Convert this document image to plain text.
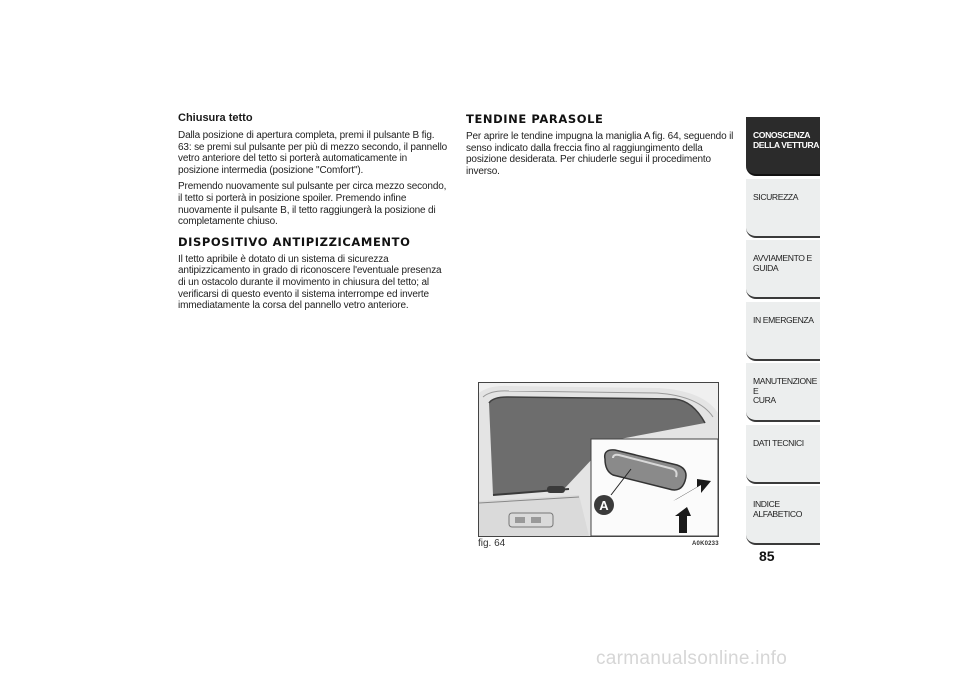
Chiusura tetto

Dalla posizione di apertura completa, premi il pulsante B fig. 63: se premi sul pulsante per più di mezzo secondo, il pannello vetro anteriore del tetto si porterà automaticamente in posizione intermedia (posizione "Comfort").

Premendo nuovamente sul pulsante per circa mezzo secondo, il tetto si porterà in posizione spoiler. Premendo infine nuovamente il pulsante B, il tetto raggiungerà la posizione di completamente chiuso.

DISPOSITIVO ANTIPIZZICAMENTO

Il tetto apribile è dotato di un sistema di sicurezza antipizzicamento in grado di riconoscere l'eventuale presenza di un ostacolo durante il movimento in chiusura del tetto; al verificarsi di questo evento il sistema interrompe ed inverte immediatamente la corsa del pannello vetro anteriore.

TENDINE PARASOLE

Per aprire le tendine impugna la maniglia A fig. 64, seguendo il senso indicato dalla freccia fino al raggiungimento della posizione desiderata. Per chiuderle segui il procedimento inverso.

A
fig. 64	A0K0233
CONOSCENZA
DELLA VETTURA
SICUREZZA
AVVIAMENTO E
GUIDA
IN EMERGENZA
MANUTENZIONE E
CURA
DATI TECNICI
INDICE ALFABETICO
85
carmanualsonline.info
